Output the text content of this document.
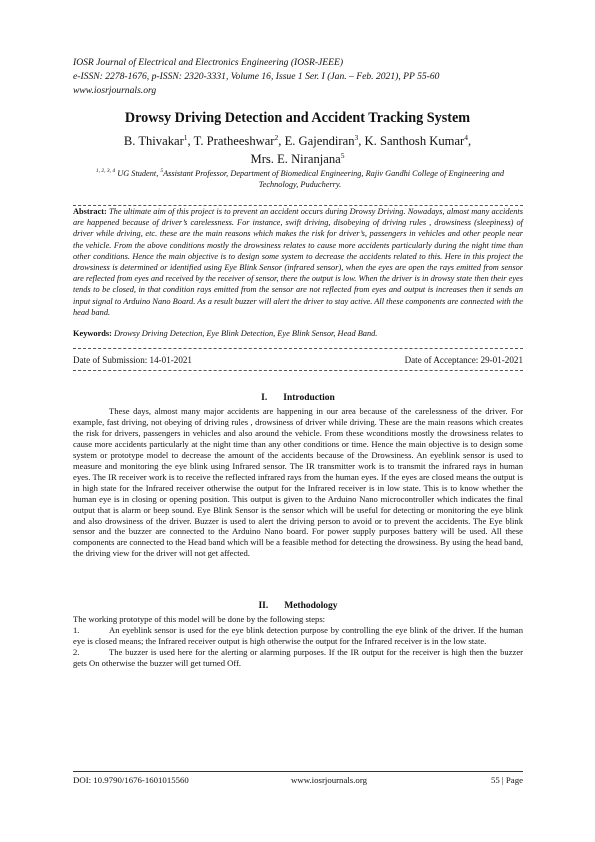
IOSR Journal of Electrical and Electronics Engineering (IOSR-JEEE)
e-ISSN: 2278-1676, p-ISSN: 2320-3331, Volume 16, Issue 1 Ser. I (Jan. – Feb. 2021), PP 55-60
www.iosrjournals.org
Drowsy Driving Detection and Accident Tracking System
B. Thivakar$^1$, T. Pratheeshwar$^2$, E. Gajendiran$^3$, K. Santhosh Kumar$^4$,
Mrs. E. Niranjana$^5$
$^{1, 2, 3, 4}$ UG Student, $^5$Assistant Professor, Department of Biomedical Engineering, Rajiv Gandhi College of Engineering and Technology, Puducherry.
Abstract: The ultimate aim of this project is to prevent an accident occurs during Drowsy Driving. Nowadays, almost many accidents are happened because of driver’s carelessness. For instance, swift driving, disobeying of driving rules , drowsiness (sleepiness) of driver while driving, etc. these are the main reasons which makes the risk for driver’s, passengers in vehicles and other people near the vehicle. From the above conditions mostly the drowsiness relates to cause more accidents particularly during the night time than other conditions. Hence the main objective is to design some system to decrease the accidents related to this. Here in this project the drowsiness is determined or identified using Eye Blink Sensor (infrared sensor), when the eyes are open the rays emitted from sensor are reflected from eyes and received by the receiver of sensor, there the output is low. When the driver is in drowsy state then their eyes tends to be closed, in that condition rays emitted from the sensor are not reflected from eyes and output is increases then it sends an input signal to Arduino Nano Board. As a result buzzer will alert the driver to stay active. All these components are connected with the head band.
Keywords: Drowsy Driving Detection, Eye Blink Detection, Eye Blink Sensor, Head Band.
Date of Submission: 14-01-2021	Date of Acceptance: 29-01-2021
I. Introduction
These days, almost many major accidents are happening in our area because of the carelessness of the driver. For example, fast driving, not obeying of driving rules , drowsiness of driver while driving. These are the main reasons which creates the risk for drivers, passengers in vehicles and also around the vehicle. From these wconditions mostly the drowsiness relates to cause more accidents particularly at the night time than any other conditions or time. Hence the main objective is to design some system or prototype model to decrease the amount of the accidents because of the Drowsiness. An eyeblink sensor is used to measure and monitoring the eye blink using Infrared sensor. The IR transmitter work is to transmit the infrared rays in human eyes. The IR receiver work is to receive the reflected infrared rays from the human eyes. If the eyes are closed means the output is in high state for the Infrared receiver otherwise the output for the Infrared receiver is in low state. This is to know whether the human eye is in closing or opening position. This output is given to the Arduino Nano microcontroller which indicates the final output that is alarm or beep sound. Eye Blink Sensor is the sensor which will be useful for detecting or monitoring the eye blink and also drowsiness of the driver. Buzzer is used to alert the driving person to avoid or to prevent the accidents. The Eye blink sensor and the buzzer are connected to the Arduino Nano board. For power supply purposes battery will be used. All these components are connected to the Head band which will be a feasible method for detecting the drowsiness. By using the head band, the driving view for the driver will not get affected.
II. Methodology
The working prototype of this model will be done by the following steps:
1.	An eyeblink sensor is used for the eye blink detection purpose by controlling the eye blink of the driver. If the human eye is closed means; the Infrared receiver output is high otherwise the output for the Infrared receiver is in the low state.
2.	The buzzer is used here for the alerting or alarming purposes. If the IR output for the receiver is high then the buzzer gets On otherwise the buzzer will get turned Off.
DOI: 10.9790/1676-1601015560	www.iosrjournals.org	55 | Page
